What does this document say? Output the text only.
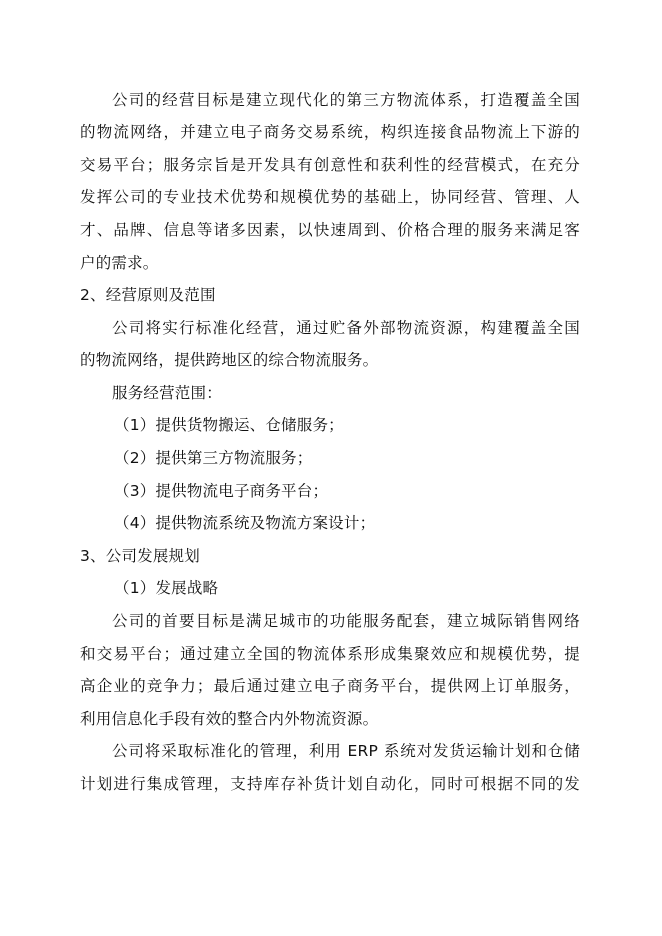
公司的经营目标是建立现代化的第三方物流体系，打造覆盖全国
的物流网络，并建立电子商务交易系统，构织连接食品物流上下游的
交易平台；服务宗旨是开发具有创意性和获利性的经营模式，在充分
发挥公司的专业技术优势和规模优势的基础上，协同经营、管理、人
才、品牌、信息等诸多因素，以快速周到、价格合理的服务来满足客
户的需求。
2、经营原则及范围
公司将实行标准化经营，通过贮备外部物流资源，构建覆盖全国
的物流网络，提供跨地区的综合物流服务。
服务经营范围：
（1）提供货物搬运、仓储服务；
（2）提供第三方物流服务；
（3）提供物流电子商务平台；
（4）提供物流系统及物流方案设计；
3、公司发展规划
（1）发展战略
公司的首要目标是满足城市的功能服务配套，建立城际销售网络
和交易平台；通过建立全国的物流体系形成集聚效应和规模优势，提
高企业的竞争力；最后通过建立电子商务平台，提供网上订单服务，
利用信息化手段有效的整合内外物流资源。
公司将采取标准化的管理，利用 ERP 系统对发货运输计划和仓储
计划进行集成管理，支持库存补货计划自动化，同时可根据不同的发
